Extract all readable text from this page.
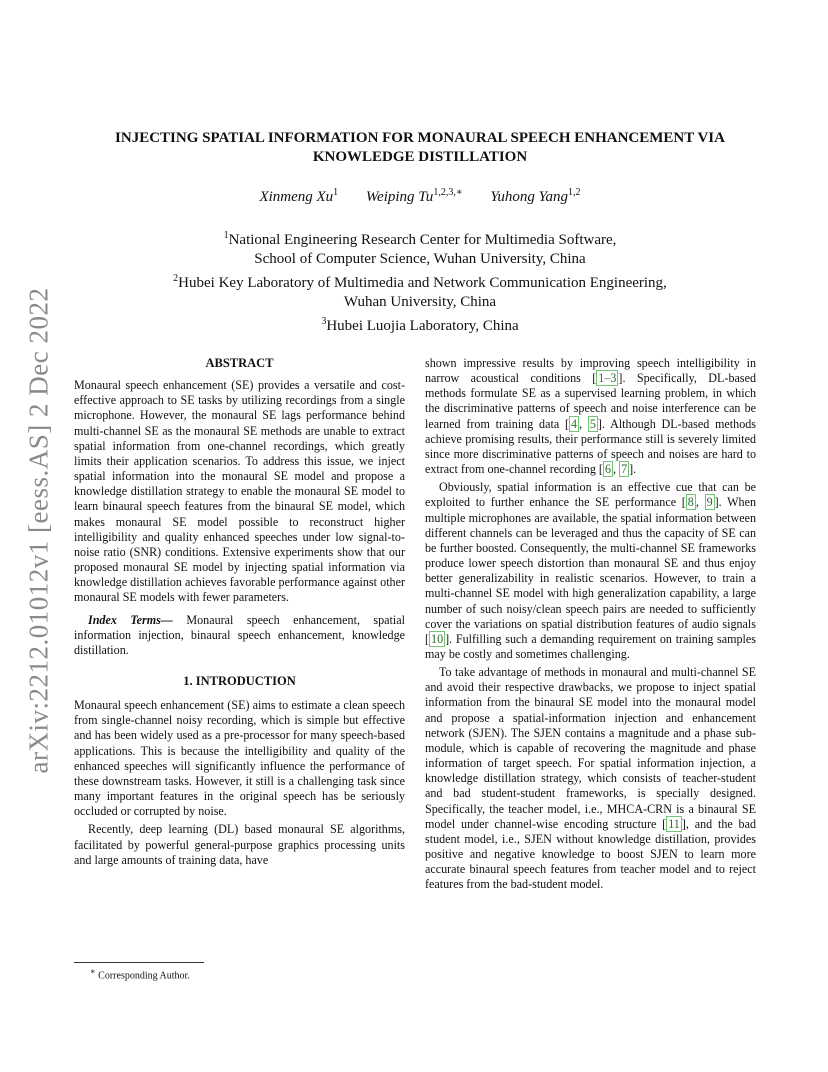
arXiv:2212.01012v1 [eess.AS] 2 Dec 2022
INJECTING SPATIAL INFORMATION FOR MONAURAL SPEECH ENHANCEMENT VIA
KNOWLEDGE DISTILLATION
Xinmeng Xu$^1$ Weiping $Tu^{1,2,3,∗}$ Yuhong Yang$^{1,2}$
$^1$National Engineering Research Center for Multimedia Software,
School of Computer Science, Wuhan University, China
$^2$Hubei Key Laboratory of Multimedia and Network Communication Engineering,
Wuhan University, China
$^3$Hubei Luojia Laboratory, China
ABSTRACT

Monaural speech enhancement (SE) provides a versatile and cost-effective approach to SE tasks by utilizing recordings from a single microphone. However, the monaural SE lags performance behind multi-channel SE as the monaural SE methods are unable to extract spatial information from one-channel recordings, which greatly limits their application scenarios. To address this issue, we inject spatial information into the monaural SE model and propose a knowledge distillation strategy to enable the monaural SE model to learn binaural speech features from the binaural SE model, which makes monaural SE model possible to reconstruct higher intelligibility and quality enhanced speeches under low signal-to-noise ratio (SNR) conditions. Extensive experiments show that our proposed monaural SE model by injecting spatial information via knowledge distillation achieves favorable performance against other monaural SE models with fewer parameters.

Index Terms— Monaural speech enhancement, spatial information injection, binaural speech enhancement, knowledge distillation.

1. INTRODUCTION

Monaural speech enhancement (SE) aims to estimate a clean speech from single-channel noisy recording, which is simple but effective and has been widely used as a pre-processor for many speech-based applications. This is because the intelligibility and quality of the enhanced speeches will significantly influence the performance of these downstream tasks. However, it still is a challenging task since many important features in the original speech has be seriously occluded or corrupted by noise.

Recently, deep learning (DL) based monaural SE algorithms, facilitated by powerful general-purpose graphics processing units and large amounts of training data, have

shown impressive results by improving speech intelligibility in narrow acoustical conditions [ 1–3 ]. Specifically, DL-based methods formulate SE as a supervised learning problem, in which the discriminative patterns of speech and noise interference can be learned from training data [ 4 , 5 ]. Although DL-based methods achieve promising results, their performance still is severely limited since more discriminative patterns of speech and noises are hard to extract from one-channel recording [ 6 , 7 ].

Obviously, spatial information is an effective cue that can be exploited to further enhance the SE performance [ 8 , 9 ]. When multiple microphones are available, the spatial information between different channels can be leveraged and thus the capacity of SE can be further boosted. Consequently, the multi-channel SE frameworks produce lower speech distortion than monaural SE and thus enjoy better generalizability in realistic scenarios. However, to train a multi-channel SE model with high generalization capability, a large number of such noisy/clean speech pairs are needed to sufficiently cover the variations on spatial distribution features of audio signals [ 10 ]. Fulfilling such a demanding requirement on training samples may be costly and sometimes challenging.

To take advantage of methods in monaural and multi-channel SE and avoid their respective drawbacks, we propose to inject spatial information from the binaural SE model into the monaural model and propose a spatial-information injection and enhancement network (SJEN). The SJEN contains a magnitude and a phase sub-module, which is capable of recovering the magnitude and phase information of target speech. For spatial information injection, a knowledge distillation strategy, which consists of teacher-student and bad student-student frameworks, is specially designed. Specifically, the teacher model, i.e., MHCA-CRN is a binaural SE model under channel-wise encoding structure [ 11 ], and the bad student model, i.e., SJEN without knowledge distillation, provides positive and negative knowledge to boost SJEN to learn more accurate binaural speech features from teacher model and to reject features from the bad-student model.

∗ Corresponding Author.
